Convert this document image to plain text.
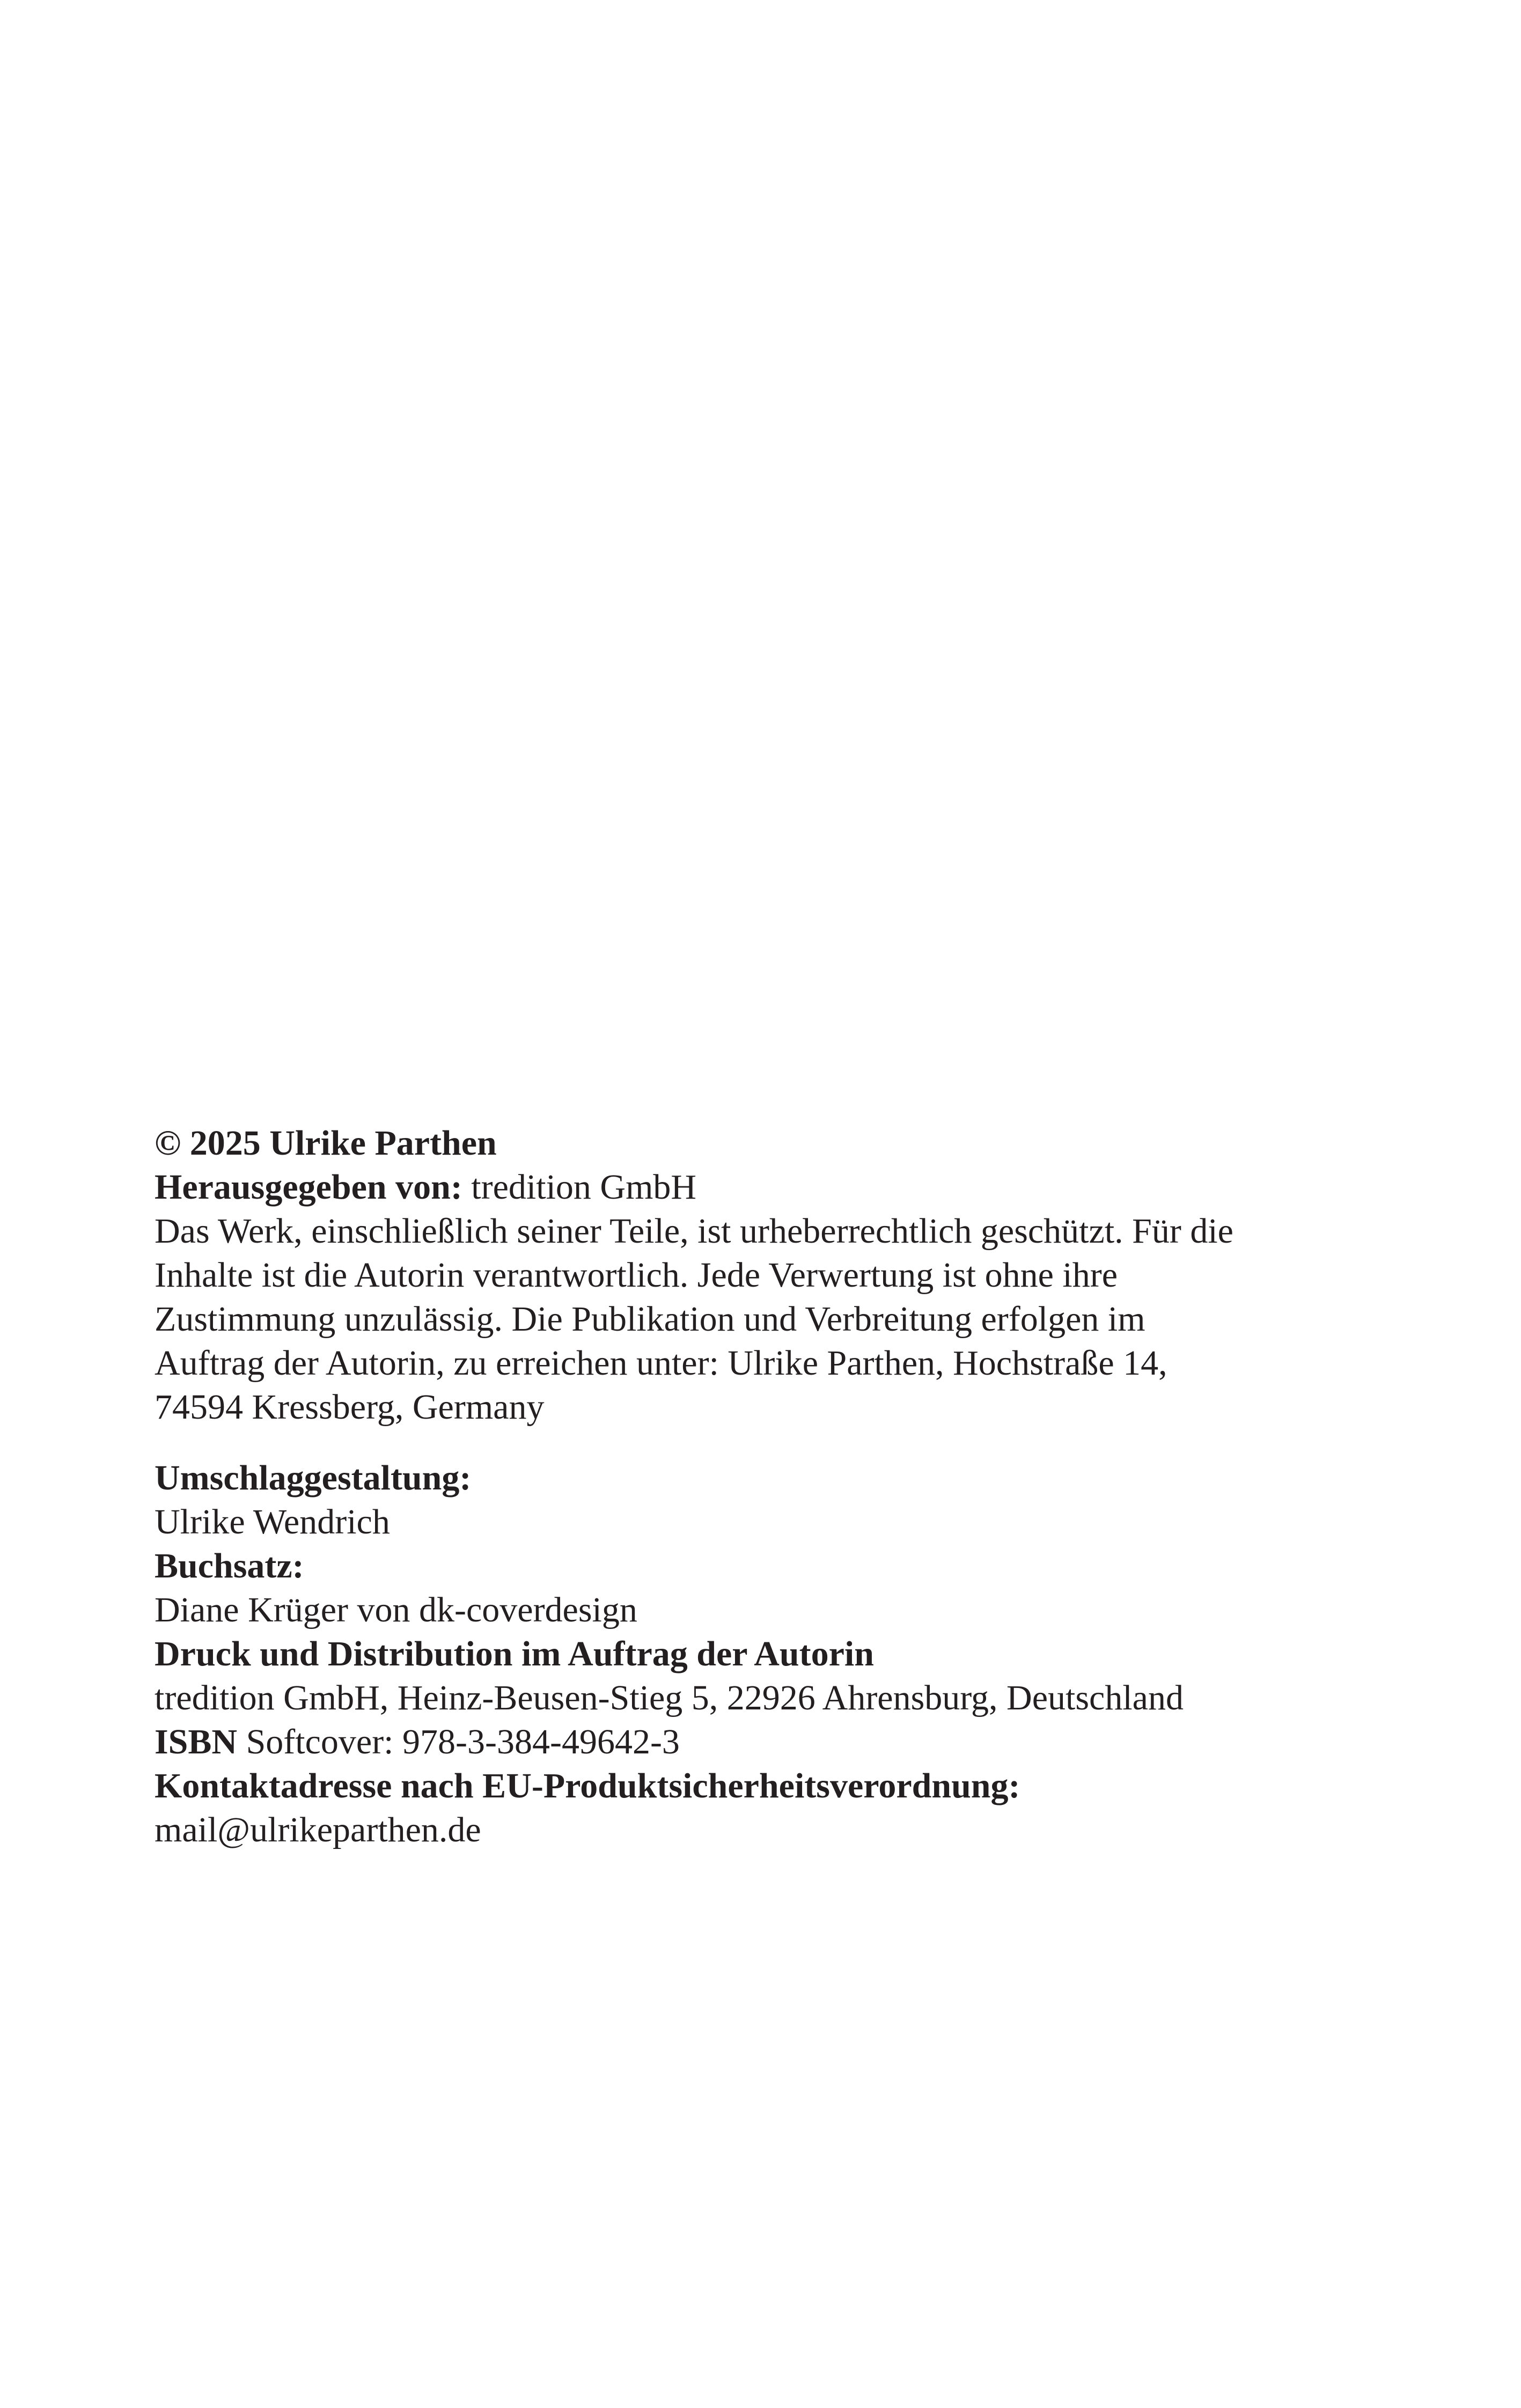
© 2025 Ulrike Parthen

Herausgegeben von: tredition GmbH

Das Werk, einschließlich seiner Teile, ist urheberrechtlich geschützt. Für die

Inhalte ist die Autorin verantwortlich. Jede Verwertung ist ohne ihre

Zustimmung unzulässig. Die Publikation und Verbreitung erfolgen im

Auftrag der Autorin, zu erreichen unter: Ulrike Parthen, Hochstraße 14,

74594 Kressberg, Germany

Umschlaggestaltung:

Ulrike Wendrich

Buchsatz:

Diane Krüger von dk-coverdesign

Druck und Distribution im Auftrag der Autorin

tredition GmbH, Heinz-Beusen-Stieg 5, 22926 Ahrensburg, Deutschland

ISBN Softcover: 978-3-384-49642-3

Kontaktadresse nach EU-Produktsicherheitsverordnung:

mail@ulrikeparthen.de
